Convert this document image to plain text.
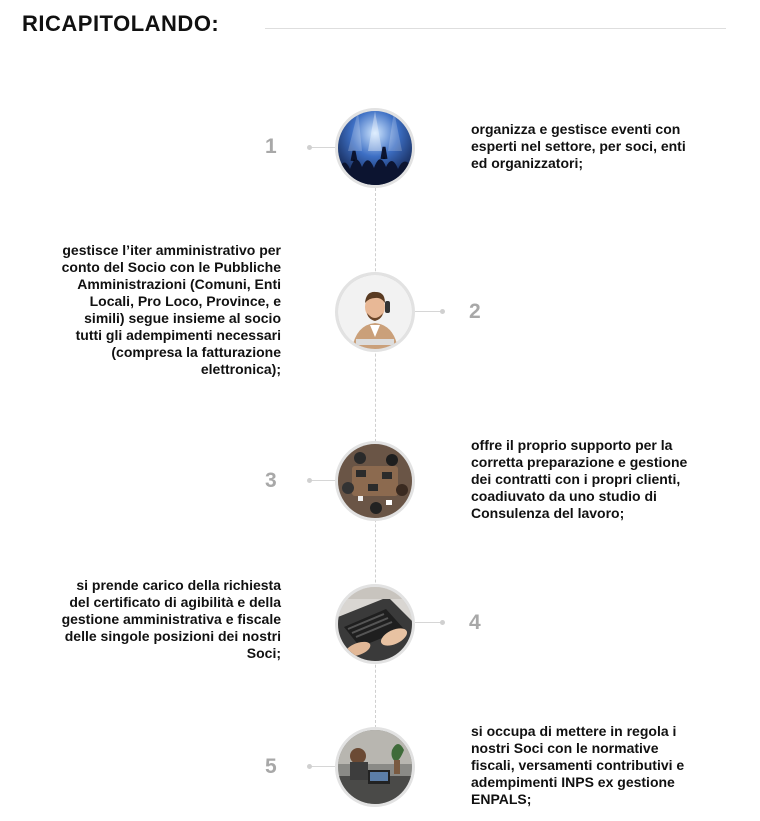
RICAPITOLANDO:
1
organizza e gestisce eventi con
esperti nel settore, per soci, enti
ed organizzatori;
gestisce l’iter amministrativo per
conto del Socio con le Pubbliche
Amministrazioni (Comuni, Enti
Locali, Pro Loco, Province, e
simili) segue insieme al socio
tutti gli adempimenti necessari
(compresa la fatturazione
elettronica);
2
3
offre il proprio supporto per la
corretta preparazione e gestione
dei contratti con i propri clienti,
coadiuvato da uno studio di
Consulenza del lavoro;
si prende carico della richiesta
del certificato di agibilità e della
gestione amministrativa e fiscale
delle singole posizioni dei nostri
Soci;
4
5
si occupa di mettere in regola i
nostri Soci con le normative
fiscali, versamenti contributivi e
adempimenti INPS ex gestione
ENPALS;
